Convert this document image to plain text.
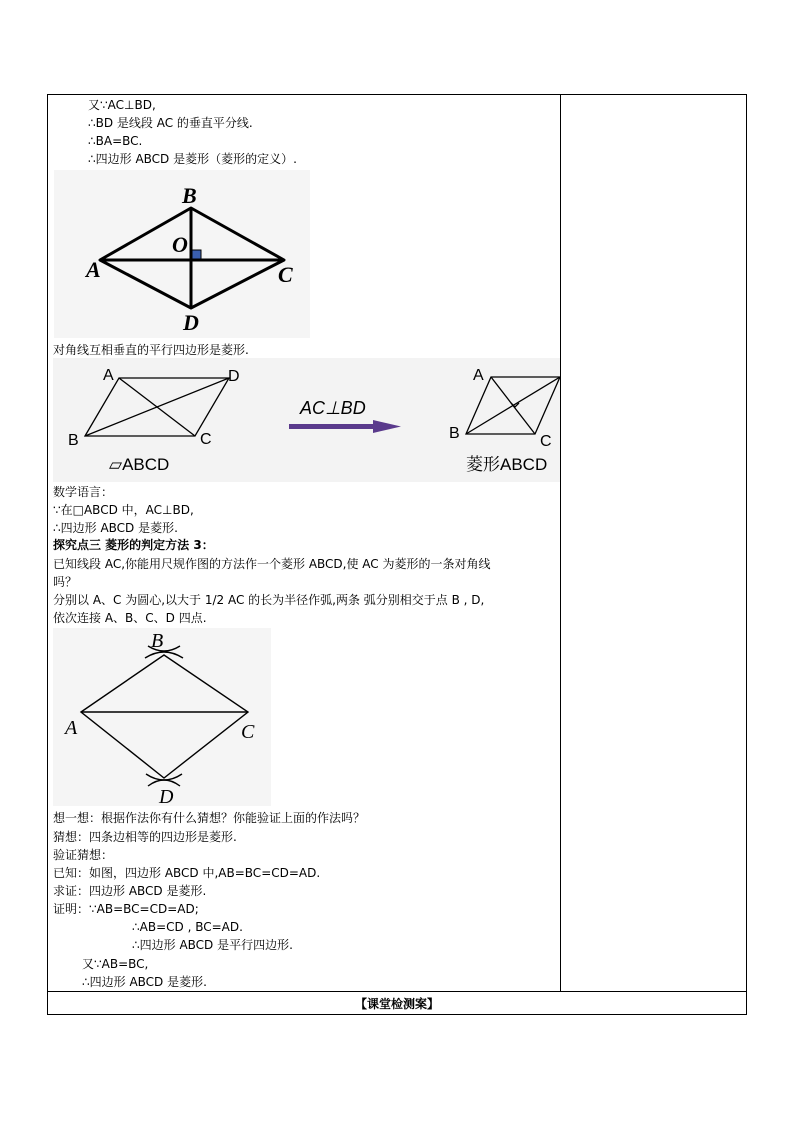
又∵AC⊥BD,
∴BD 是线段 AC 的垂直平分线.
∴BA=BC.
∴四边形 ABCD 是菱形（菱形的定义）.
B
O
A	C
D
对角线互相垂直的平行四边形是菱形.
A	D
B	C
▱ABCD
AC⊥BD
A
B	C
菱形ABCD
数学语言：
∵在□ABCD 中，AC⊥BD,
∴四边形 ABCD 是菱形.
探究点三 菱形的判定方法 3：
已知线段 AC,你能用尺规作图的方法作一个菱形 ABCD,使 AC 为菱形的一条对角线
吗？
分别以 A、C 为圆心,以大于 1/2 AC 的长为半径作弧,两条 弧分别相交于点 B , D,
依次连接 A、B、C、D 四点.
B
A	C
D
想一想：根据作法你有什么猜想？你能验证上面的作法吗？
猜想：四条边相等的四边形是菱形.
验证猜想：
已知：如图，四边形 ABCD 中,AB=BC=CD=AD.
求证：四边形 ABCD 是菱形.
证明：∵AB=BC=CD=AD;
∴AB=CD , BC=AD.
∴四边形 ABCD 是平行四边形.
又∵AB=BC,
∴四边形 ABCD 是菱形.
【课堂检测案】
